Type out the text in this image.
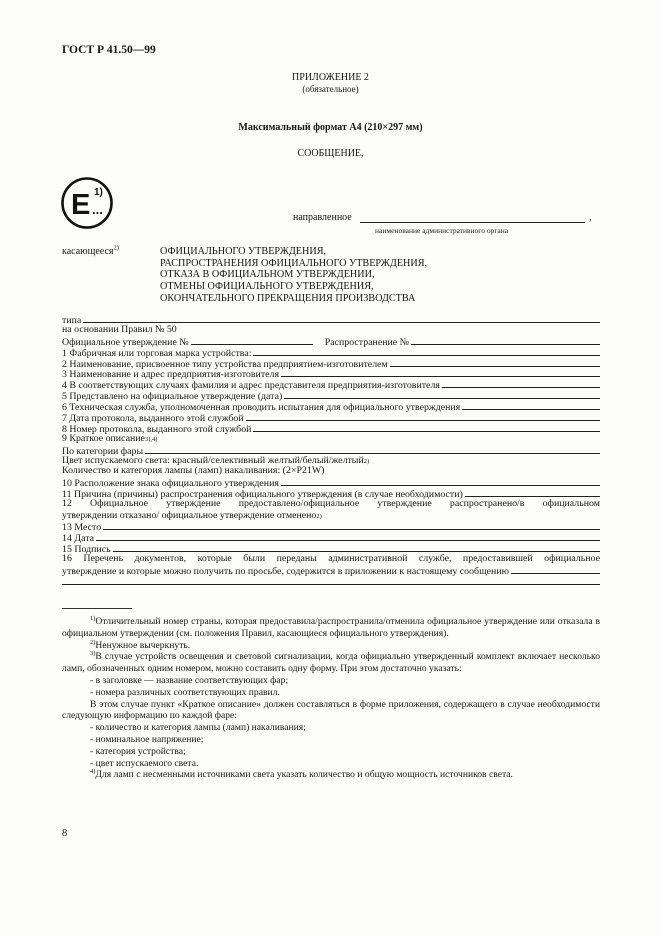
ГОСТ Р 41.50—99
ПРИЛОЖЕНИЕ 2
(обязательное)
Максимальный формат А4 (210×297 мм)
СООБЩЕНИЕ,
E ...
1)
направленное	,
наименование административного органа
касающееся$^{2)}$	ОФИЦИАЛЬНОГО УТВЕРЖДЕНИЯ,
РАСПРОСТРАНЕНИЯ ОФИЦИАЛЬНОГО УТВЕРЖДЕНИЯ,
ОТКАЗА В ОФИЦИАЛЬНОМ УТВЕРЖДЕНИИ,
ОТМЕНЫ ОФИЦИАЛЬНОГО УТВЕРЖДЕНИЯ,
ОКОНЧАТЕЛЬНОГО ПРЕКРАЩЕНИЯ ПРОИЗВОДСТВА
типа
на основании Правил № 50
Официальное утверждение №	Распространение №
1 Фабричная или торговая марка устройства:
2 Наименование, присвоенное типу устройства предприятием-изготовителем
3 Наименование и адрес предприятия-изготовителя
4 В соответствующих случаях фамилия и адрес представителя предприятия-изготовителя
5 Представлено на официальное утверждение (дата)
6 Техническая служба, уполномоченная проводить испытания для официального утверждения
7 Дата протокола, выданного этой службой
8 Номер протокола, выданного этой службой
9 Краткое описание 3),4)
По категории фары
Цвет испускаемого света: красный/селективный желтый/белый/желтый 2)
Количество и категория лампы (ламп) накаливания: (2×P21W)
10 Расположение знака официального утверждения
11 Причина (причины) распространения официального утверждения (в случае необходимости)
12 Официальное утверждение предоставлено/официальное утверждение распространено/в официальном
утверждении отказано/ официальное утверждение отменено 2)
13 Место
14 Дата
15 Подпись
16 Перечень документов, которые были переданы административной службе, предоставившей официальное
утверждение и которые можно получить по просьбе, содержится в приложении к настоящему сообщению

$^{1)}$Отличительный номер страны, которая предоставила/распространила/отменила официальное утверждение или отказала в официальном утверждении (см. положения Правил, касающиеся официального утверждения).

$^{2)}$Ненужное вычеркнуть.

$^{3)}$В случае устройств освещения и световой сигнализации, когда официально утвержденный комплект включает несколько ламп, обозначенных одним номером, можно составить одну форму. При этом достаточно указать:

- в заголовке — название соответствующих фар;

- номера различных соответствующих правил.

В этом случае пункт «Краткое описание» должен составляться в форме приложения, содержащего в случае необходимости следующую информацию по каждой фаре:

- количество и категория лампы (ламп) накаливания;

- номинальное напряжение;

- категория устройства;

- цвет испускаемого света.

$^{4)}$Для ламп с несменными источниками света указать количество и общую мощность источников света.

8
